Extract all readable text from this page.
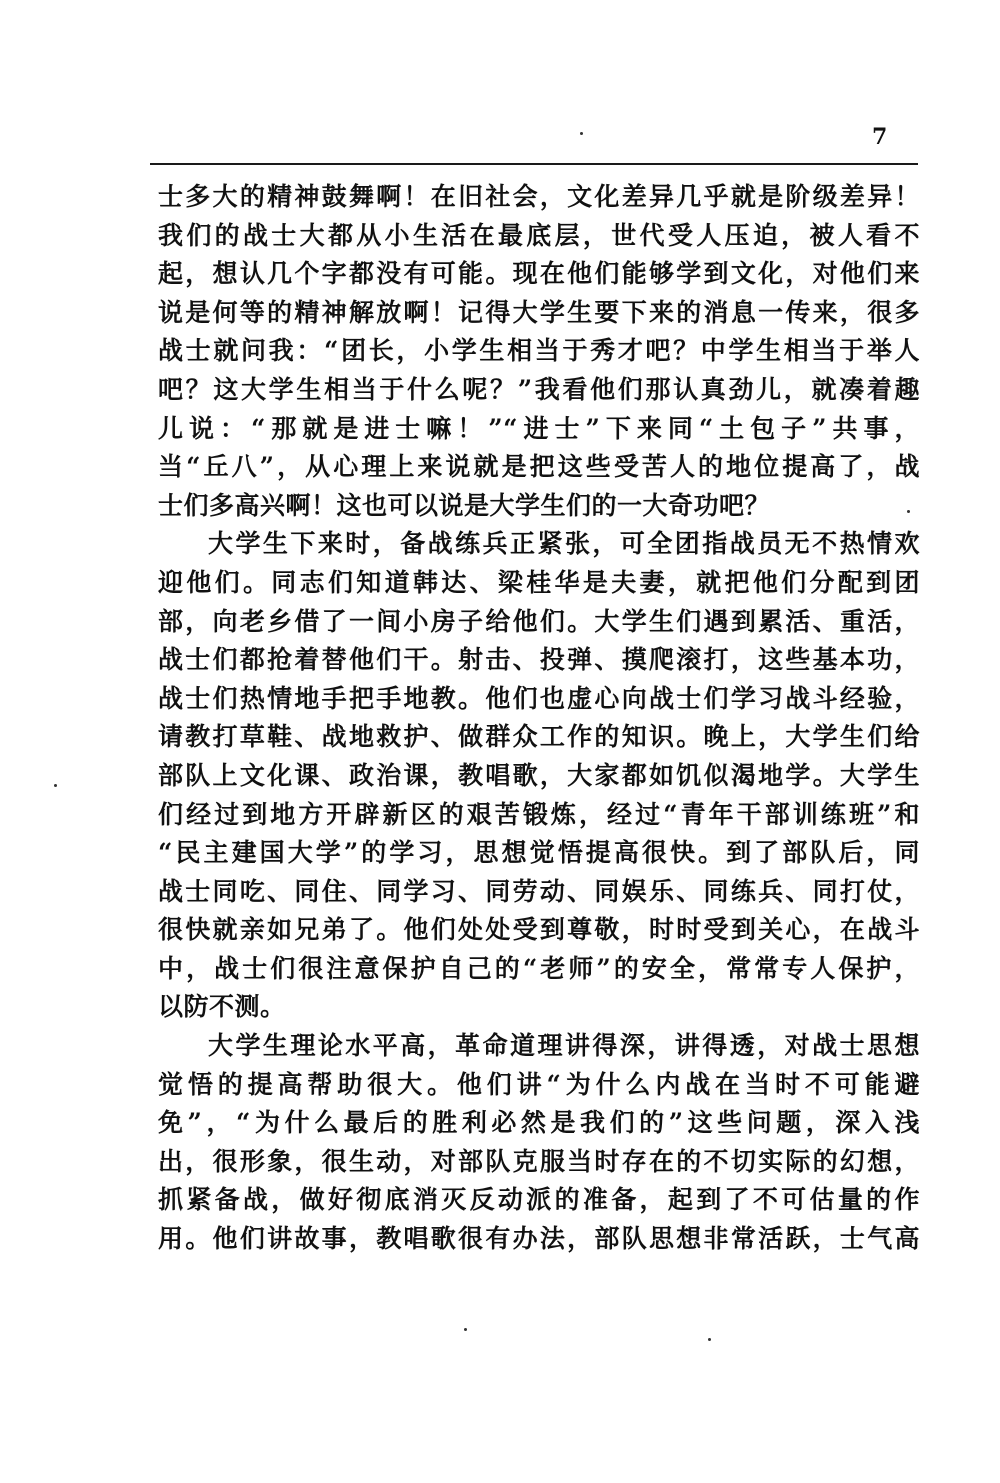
7
士多大的精神鼓舞啊！在旧社会，文化差异几乎就是阶级差异！
我们的战士大都从小生活在最底层，世代受人压迫，被人看不
起，想认几个字都没有可能。现在他们能够学到文化，对他们来
说是何等的精神解放啊！记得大学生要下来的消息一传来，很多
战士就问我：“团长，小学生相当于秀才吧？中学生相当于举人
吧？这大学生相当于什么呢？”我看他们那认真劲儿，就凑着趣
儿说：“那就是进士嘛！”“进士”下来同“土包子”共事，
当“丘八”，从心理上来说就是把这些受苦人的地位提高了，战
士们多高兴啊！这也可以说是大学生们的一大奇功吧？
大学生下来时，备战练兵正紧张，可全团指战员无不热情欢
迎他们。同志们知道韩达、梁桂华是夫妻，就把他们分配到团
部，向老乡借了一间小房子给他们。大学生们遇到累活、重活，
战士们都抢着替他们干。射击、投弹、摸爬滚打，这些基本功，
战士们热情地手把手地教。他们也虚心向战士们学习战斗经验，
请教打草鞋、战地救护、做群众工作的知识。晚上，大学生们给
部队上文化课、政治课，教唱歌，大家都如饥似渴地学。大学生
们经过到地方开辟新区的艰苦锻炼，经过“青年干部训练班”和
“民主建国大学”的学习，思想觉悟提高很快。到了部队后，同
战士同吃、同住、同学习、同劳动、同娱乐、同练兵、同打仗，
很快就亲如兄弟了。他们处处受到尊敬，时时受到关心，在战斗
中，战士们很注意保护自己的“老师”的安全，常常专人保护，
以防不测。
大学生理论水平高，革命道理讲得深，讲得透，对战士思想
觉悟的提高帮助很大。他们讲“为什么内战在当时不可能避
免”，“为什么最后的胜利必然是我们的”这些问题，深入浅
出，很形象，很生动，对部队克服当时存在的不切实际的幻想，
抓紧备战，做好彻底消灭反动派的准备，起到了不可估量的作
用。他们讲故事，教唱歌很有办法，部队思想非常活跃，士气高
